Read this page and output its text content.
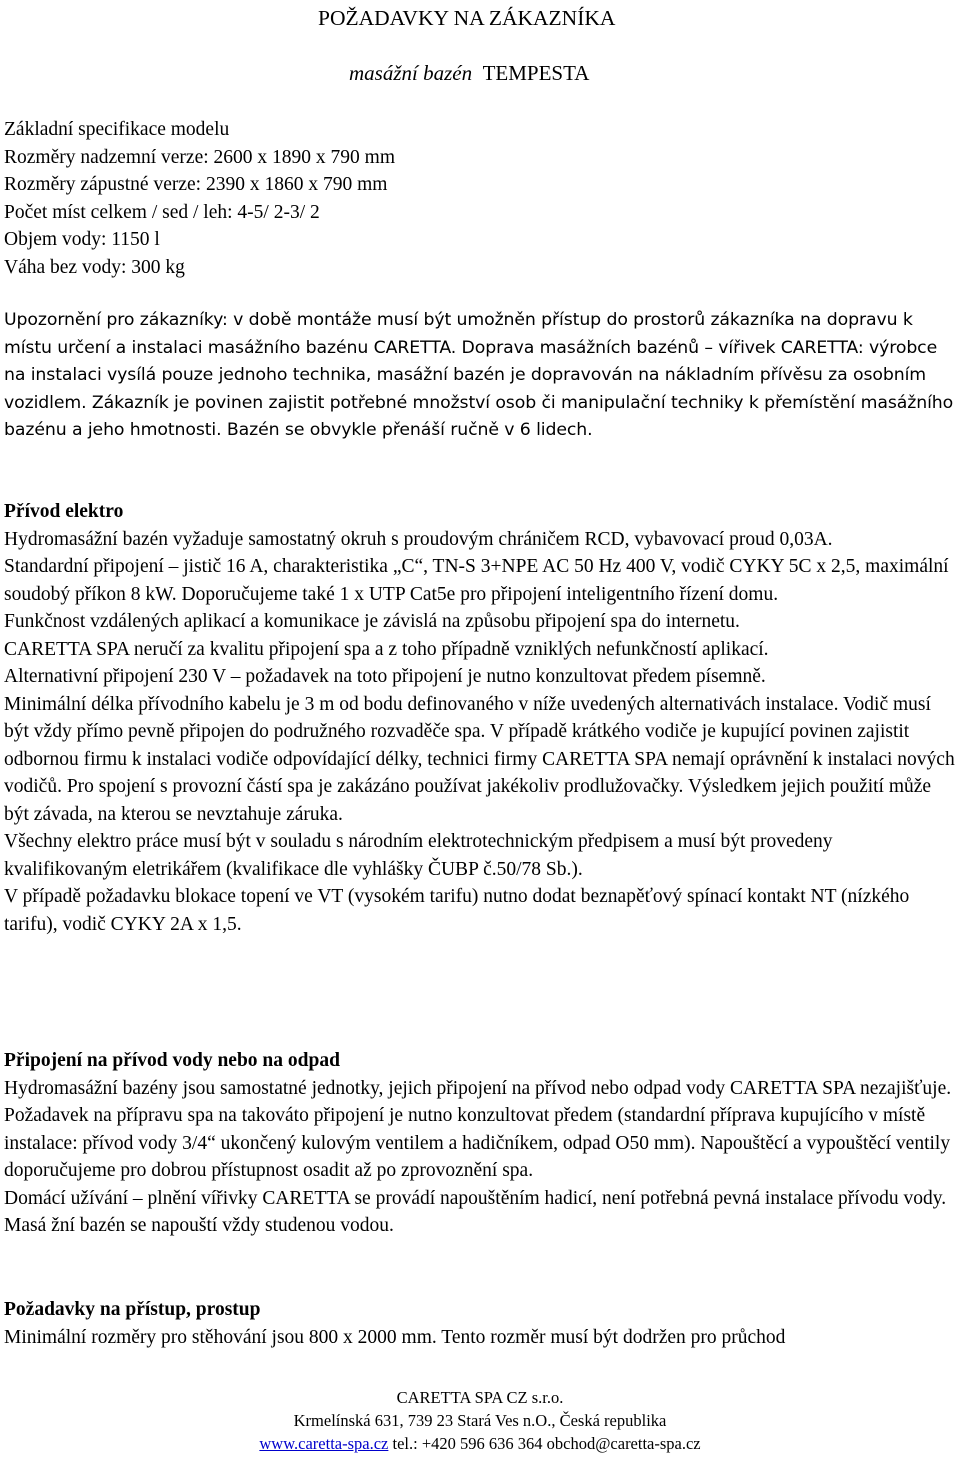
POŽADAVKY NA ZÁKAZNÍKA
masážní bazén TEMPESTA
Základní specifikace modelu
Rozměry nadzemní verze: 2600 x 1890 x 790 mm
Rozměry zápustné verze: 2390 x 1860 x 790 mm
Počet míst celkem / sed / leh: 4-5/ 2-3/ 2
Objem vody: 1150 l
Váha bez vody: 300 kg

Upozornění pro zákazníky: v době montáže musí být umožněn přístup do prostorů zákazníka na dopravu k místu určení a instalaci masážního bazénu CARETTA. Doprava masážních bazénů – vířivek CARETTA: výrobce na instalaci vysílá pouze jednoho technika, masážní bazén je dopravován na nákladním přívěsu za osobním vozidlem. Zákazník je povinen zajistit potřebné množství osob či manipulační techniky k přemístění masážního bazénu a jeho hmotnosti. Bazén se obvykle přenáší ručně v 6 lidech.

Přívod elektro

Hydromasážní bazén vyžaduje samostatný okruh s proudovým chráničem RCD, vybavovací proud 0,03A.

Standardní připojení – jistič 16 A, charakteristika „C“, TN-S 3+NPE AC 50 Hz 400 V, vodič CYKY 5C x 2,5, maximální soudobý příkon 8 kW. Doporučujeme také 1 x UTP Cat5e pro připojení inteligentního řízení domu.

Funkčnost vzdálených aplikací a komunikace je závislá na způsobu připojení spa do internetu.

CARETTA SPA neručí za kvalitu připojení spa a z toho případně vzniklých nefunkčností aplikací.

Alternativní připojení 230 V – požadavek na toto připojení je nutno konzultovat předem písemně.

Minimální délka přívodního kabelu je 3 m od bodu definovaného v níže uvedených alternativách instalace. Vodič musí být vždy přímo pevně připojen do podružného rozvaděče spa. V případě krátkého vodiče je kupující povinen zajistit odbornou firmu k instalaci vodiče odpovídající délky, technici firmy CARETTA SPA nemají oprávnění k instalaci nových vodičů. Pro spojení s provozní částí spa je zakázáno používat jakékoliv prodlužovačky. Výsledkem jejich použití může být závada, na kterou se nevztahuje záruka.

Všechny elektro práce musí být v souladu s národním elektrotechnickým předpisem a musí být provedeny kvalifikovaným eletrikářem (kvalifikace dle vyhlášky ČUBP č.50/78 Sb.).

V případě požadavku blokace topení ve VT (vysokém tarifu) nutno dodat beznapěťový spínací kontakt NT (nízkého tarifu), vodič CYKY 2A x 1,5.

Připojení na přívod vody nebo na odpad

Hydromasážní bazény jsou samostatné jednotky, jejich připojení na přívod nebo odpad vody CARETTA SPA nezajišťuje. Požadavek na přípravu spa na takováto připojení je nutno konzultovat předem (standardní příprava kupujícího v místě instalace: přívod vody 3/4“ ukončený kulovým ventilem a hadičníkem, odpad O50 mm). Napouštěcí a vypouštěcí ventily doporučujeme pro dobrou přístupnost osadit až po zprovoznění spa.

Domácí užívání – plnění vířivky CARETTA se provádí napouštěním hadicí, není potřebná pevná instalace přívodu vody. Masá žní bazén se napouští vždy studenou vodou.

Požadavky na přístup, prostup

Minimální rozměry pro stěhování jsou 800 x 2000 mm. Tento rozměr musí být dodržen pro průchod

CARETTA SPA CZ s.r.o.
Krmelínská 631, 739 23 Stará Ves n.O., Česká republika
www.caretta-spa.cz tel.: +420 596 636 364 obchod@caretta-spa.cz
